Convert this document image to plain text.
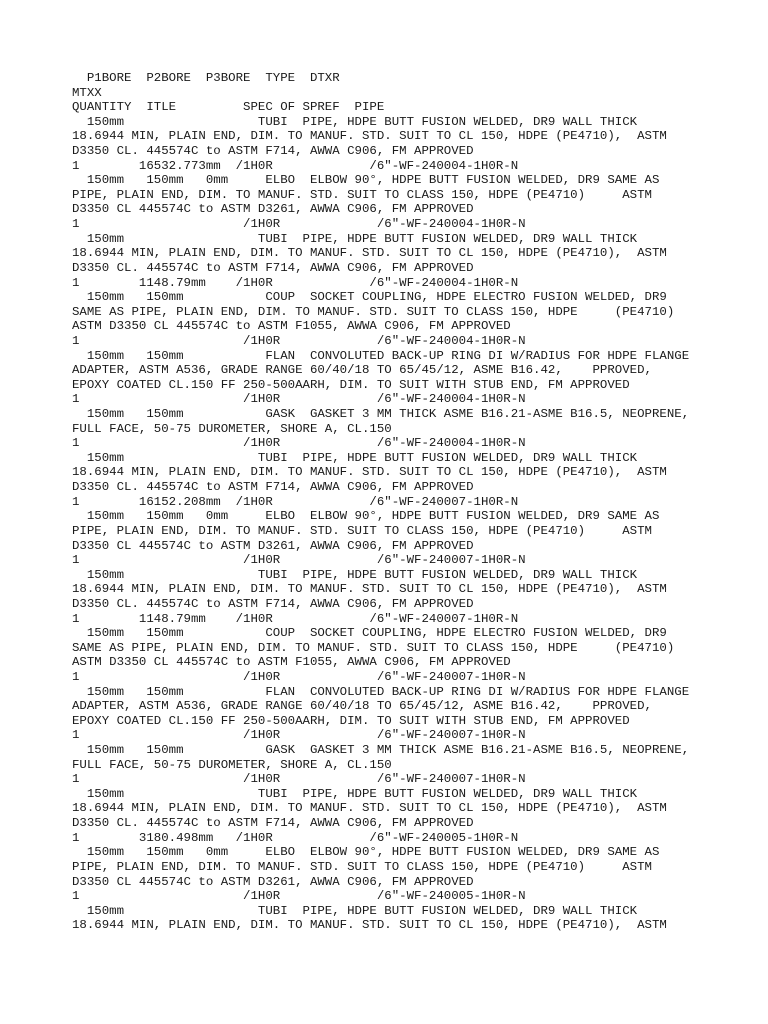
P1BORE  P2BORE  P3BORE  TYPE  DTXR
MTXX
QUANTITY  ITLE         SPEC OF SPREF  PIPE
150mm                  TUBI  PIPE, HDPE BUTT FUSION WELDED, DR9 WALL THICK
18.6944 MIN, PLAIN END, DIM. TO MANUF. STD. SUIT TO CL 150, HDPE (PE4710),  ASTM
D3350 CL. 445574C to ASTM F714, AWWA C906, FM APPROVED
1        16532.773mm  /1H0R             /6"-WF-240004-1H0R-N
150mm   150mm   0mm     ELBO  ELBOW 90°, HDPE BUTT FUSION WELDED, DR9 SAME AS
PIPE, PLAIN END, DIM. TO MANUF. STD. SUIT TO CLASS 150, HDPE (PE4710)     ASTM
D3350 CL 445574C to ASTM D3261, AWWA C906, FM APPROVED
1                      /1H0R             /6"-WF-240004-1H0R-N
150mm                  TUBI  PIPE, HDPE BUTT FUSION WELDED, DR9 WALL THICK
18.6944 MIN, PLAIN END, DIM. TO MANUF. STD. SUIT TO CL 150, HDPE (PE4710),  ASTM
D3350 CL. 445574C to ASTM F714, AWWA C906, FM APPROVED
1        1148.79mm    /1H0R             /6"-WF-240004-1H0R-N
150mm   150mm           COUP  SOCKET COUPLING, HDPE ELECTRO FUSION WELDED, DR9
SAME AS PIPE, PLAIN END, DIM. TO MANUF. STD. SUIT TO CLASS 150, HDPE     (PE4710)
ASTM D3350 CL 445574C to ASTM F1055, AWWA C906, FM APPROVED
1                      /1H0R             /6"-WF-240004-1H0R-N
150mm   150mm           FLAN  CONVOLUTED BACK-UP RING DI W/RADIUS FOR HDPE FLANGE
ADAPTER, ASTM A536, GRADE RANGE 60/40/18 TO 65/45/12, ASME B16.42,    PPROVED,
EPOXY COATED CL.150 FF 250-500AARH, DIM. TO SUIT WITH STUB END, FM APPROVED
1                      /1H0R             /6"-WF-240004-1H0R-N
150mm   150mm           GASK  GASKET 3 MM THICK ASME B16.21-ASME B16.5, NEOPRENE,
FULL FACE, 50-75 DUROMETER, SHORE A, CL.150
1                      /1H0R             /6"-WF-240004-1H0R-N
150mm                  TUBI  PIPE, HDPE BUTT FUSION WELDED, DR9 WALL THICK
18.6944 MIN, PLAIN END, DIM. TO MANUF. STD. SUIT TO CL 150, HDPE (PE4710),  ASTM
D3350 CL. 445574C to ASTM F714, AWWA C906, FM APPROVED
1        16152.208mm  /1H0R             /6"-WF-240007-1H0R-N
150mm   150mm   0mm     ELBO  ELBOW 90°, HDPE BUTT FUSION WELDED, DR9 SAME AS
PIPE, PLAIN END, DIM. TO MANUF. STD. SUIT TO CLASS 150, HDPE (PE4710)     ASTM
D3350 CL 445574C to ASTM D3261, AWWA C906, FM APPROVED
1                      /1H0R             /6"-WF-240007-1H0R-N
150mm                  TUBI  PIPE, HDPE BUTT FUSION WELDED, DR9 WALL THICK
18.6944 MIN, PLAIN END, DIM. TO MANUF. STD. SUIT TO CL 150, HDPE (PE4710),  ASTM
D3350 CL. 445574C to ASTM F714, AWWA C906, FM APPROVED
1        1148.79mm    /1H0R             /6"-WF-240007-1H0R-N
150mm   150mm           COUP  SOCKET COUPLING, HDPE ELECTRO FUSION WELDED, DR9
SAME AS PIPE, PLAIN END, DIM. TO MANUF. STD. SUIT TO CLASS 150, HDPE     (PE4710)
ASTM D3350 CL 445574C to ASTM F1055, AWWA C906, FM APPROVED
1                      /1H0R             /6"-WF-240007-1H0R-N
150mm   150mm           FLAN  CONVOLUTED BACK-UP RING DI W/RADIUS FOR HDPE FLANGE
ADAPTER, ASTM A536, GRADE RANGE 60/40/18 TO 65/45/12, ASME B16.42,    PPROVED,
EPOXY COATED CL.150 FF 250-500AARH, DIM. TO SUIT WITH STUB END, FM APPROVED
1                      /1H0R             /6"-WF-240007-1H0R-N
150mm   150mm           GASK  GASKET 3 MM THICK ASME B16.21-ASME B16.5, NEOPRENE,
FULL FACE, 50-75 DUROMETER, SHORE A, CL.150
1                      /1H0R             /6"-WF-240007-1H0R-N
150mm                  TUBI  PIPE, HDPE BUTT FUSION WELDED, DR9 WALL THICK
18.6944 MIN, PLAIN END, DIM. TO MANUF. STD. SUIT TO CL 150, HDPE (PE4710),  ASTM
D3350 CL. 445574C to ASTM F714, AWWA C906, FM APPROVED
1        3180.498mm   /1H0R             /6"-WF-240005-1H0R-N
150mm   150mm   0mm     ELBO  ELBOW 90°, HDPE BUTT FUSION WELDED, DR9 SAME AS
PIPE, PLAIN END, DIM. TO MANUF. STD. SUIT TO CLASS 150, HDPE (PE4710)     ASTM
D3350 CL 445574C to ASTM D3261, AWWA C906, FM APPROVED
1                      /1H0R             /6"-WF-240005-1H0R-N
150mm                  TUBI  PIPE, HDPE BUTT FUSION WELDED, DR9 WALL THICK
18.6944 MIN, PLAIN END, DIM. TO MANUF. STD. SUIT TO CL 150, HDPE (PE4710),  ASTM
